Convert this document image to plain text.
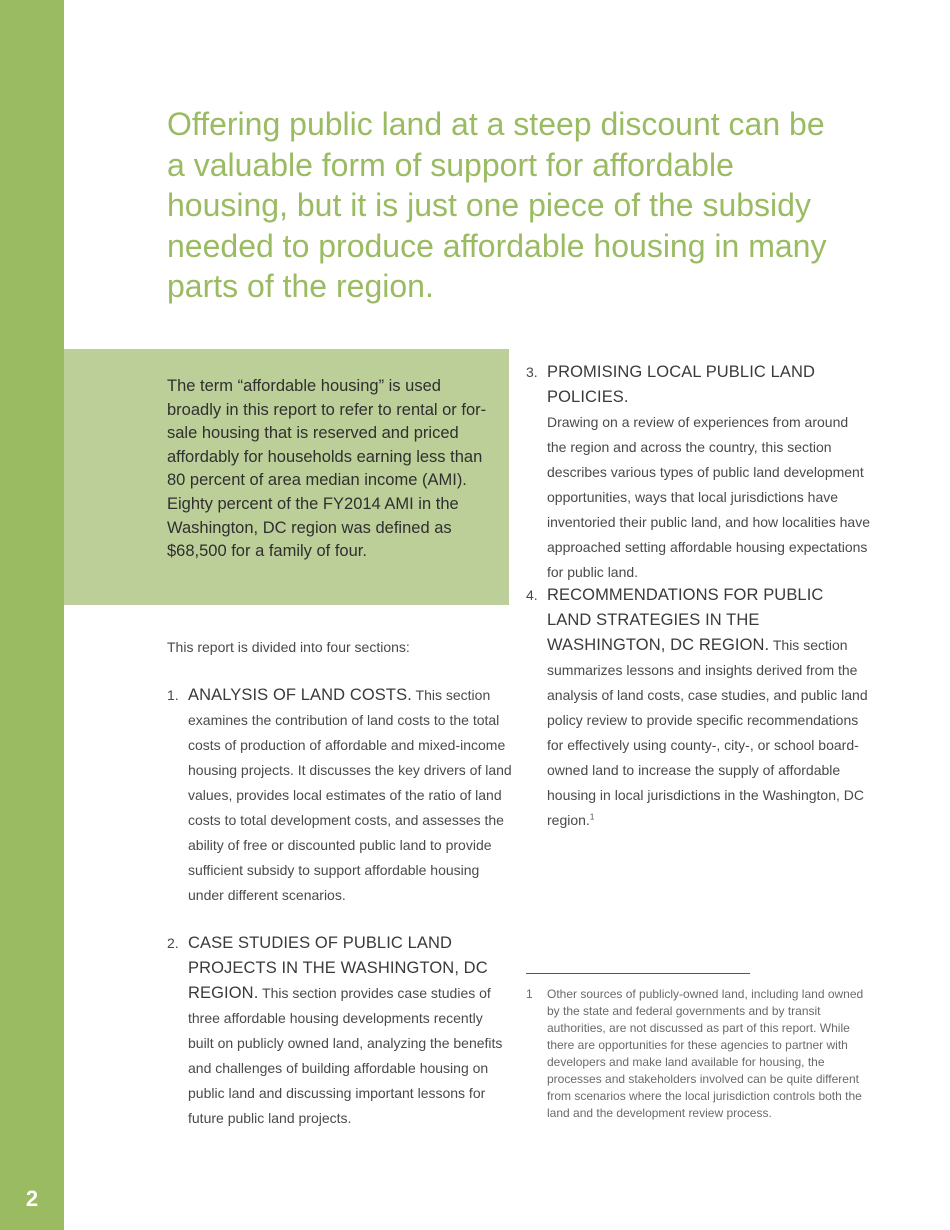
2
Offering public land at a steep discount can be a valuable form of support for affordable housing, but it is just one piece of the subsidy needed to produce affordable housing in many parts of the region.
The term “affordable housing” is used broadly in this report to refer to rental or for-sale housing that is reserved and priced affordably for households earning less than 80 percent of area median income (AMI). Eighty percent of the FY2014 AMI in the Washington, DC region was defined as $68,500 for a family of four.
This report is divided into four sections:
1. ANALYSIS OF LAND COSTS. This section examines the contribution of land costs to the total costs of production of affordable and mixed-income housing projects. It discusses the key drivers of land values, provides local estimates of the ratio of land costs to total development costs, and assesses the ability of free or discounted public land to provide sufficient subsidy to support affordable housing under different scenarios.
2. CASE STUDIES OF PUBLIC LAND PROJECTS IN THE WASHINGTON, DC REGION. This section provides case studies of three affordable housing developments recently built on publicly owned land, analyzing the benefits and challenges of building affordable housing on public land and discussing important lessons for future public land projects.
3. PROMISING LOCAL PUBLIC LAND POLICIES.
Drawing on a review of experiences from around the region and across the country, this section describes various types of public land development opportunities, ways that local jurisdictions have inventoried their public land, and how localities have approached setting affordable housing expectations for public land.
4. RECOMMENDATIONS FOR PUBLIC LAND STRATEGIES IN THE WASHINGTON, DC REGION. This section summarizes lessons and insights derived from the analysis of land costs, case studies, and public land policy review to provide specific recommendations for effectively using county-, city-, or school board-owned land to increase the supply of affordable housing in local jurisdictions in the Washington, DC region.$^1$
1 Other sources of publicly-owned land, including land owned by the state and federal governments and by transit authorities, are not discussed as part of this report. While there are opportunities for these agencies to partner with developers and make land available for housing, the processes and stakeholders involved can be quite different from scenarios where the local jurisdiction controls both the land and the development review process.
